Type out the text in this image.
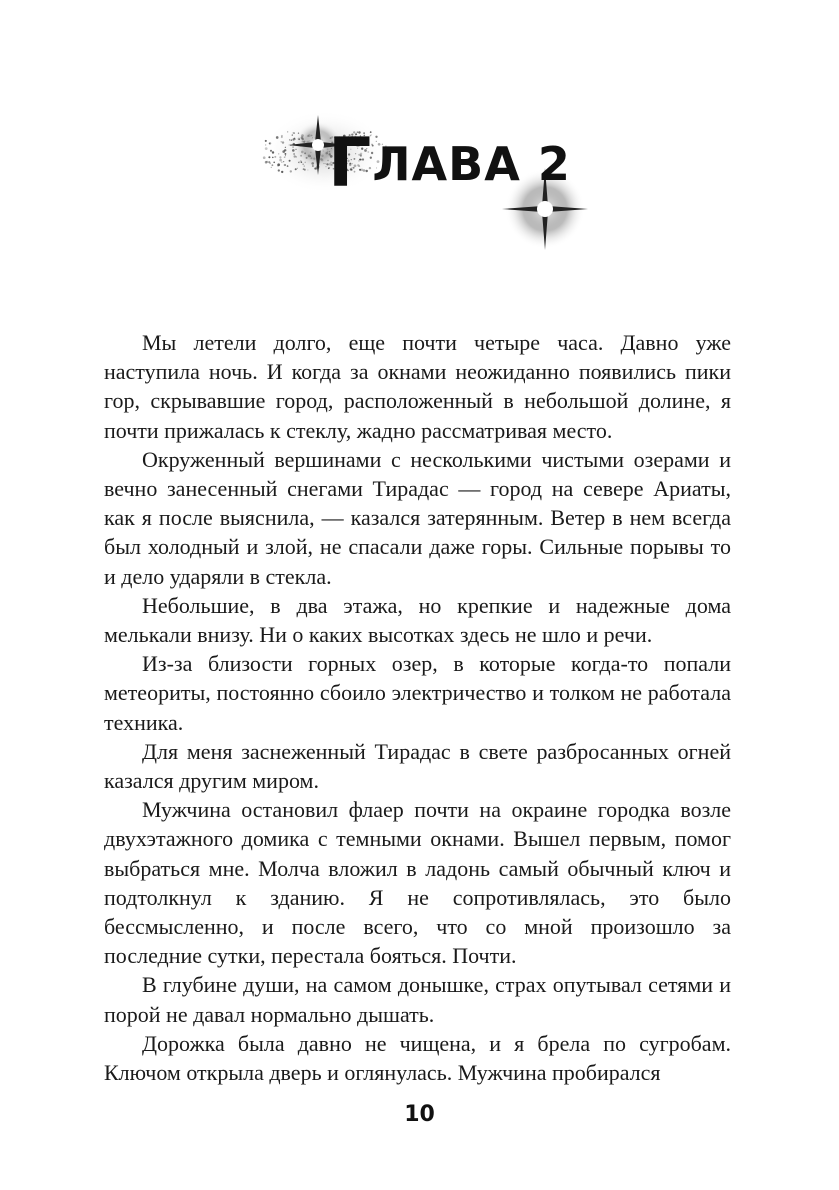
ГЛАВА 2

Мы летели долго, еще почти четыре часа. Давно уже наступила ночь. И когда за окнами неожиданно появились пики гор, скрывавшие город, расположенный в небольшой долине, я почти прижалась к стеклу, жадно рассматривая место.

Окруженный вершинами с несколькими чистыми озерами и вечно занесенный снегами Тирадас — город на севере Ариаты, как я после выяснила, — казался затерянным. Ветер в нем всегда был холодный и злой, не спасали даже горы. Сильные порывы то и дело ударяли в стекла.

Небольшие, в два этажа, но крепкие и надежные дома мелькали внизу. Ни о каких высотках здесь не шло и речи.

Из-за близости горных озер, в которые когда-то попали метеориты, постоянно сбоило электричество и толком не работала техника.

Для меня заснеженный Тирадас в свете разбросанных огней казался другим миром.

Мужчина остановил флаер почти на окраине городка возле двухэтажного домика с темными окнами. Вышел первым, помог выбраться мне. Молча вложил в ладонь самый обычный ключ и подтолкнул к зданию. Я не сопротивлялась, это было бессмысленно, и после всего, что со мной произошло за последние сутки, перестала бояться. Почти.

В глубине души, на самом донышке, страх опутывал сетями и порой не давал нормально дышать.

Дорожка была давно не чищена, и я брела по сугробам. Ключом открыла дверь и оглянулась. Мужчина пробирался

10
